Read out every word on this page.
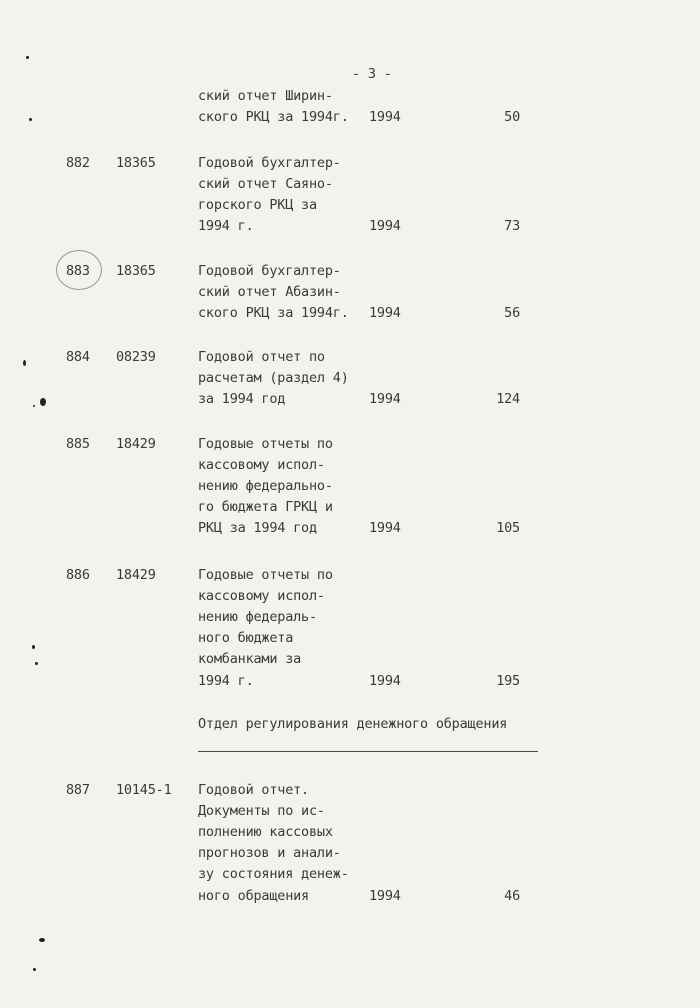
- 3 -
ский отчет Ширин-
ского РКЦ за 1994г. 1994	50
882 18365	Годовой бухгалтер-
ский отчет Саяно-
горского РКЦ за
1994 г.	1994	73
883 18365	Годовой бухгалтер-
ский отчет Абазин-
ского РКЦ за 1994г. 1994	56
884 08239	Годовой отчет по
расчетам (раздел 4)
за 1994 год	1994	124
885 18429	Годовые отчеты по
кассовому испол-
нению федерально-
го бюджета ГРКЦ и
РКЦ за 1994 год	1994	105
886 18429	Годовые отчеты по
кассовому испол-
нению федераль-
ного бюджета
комбанками за
1994 г.	1994	195
Отдел регулирования денежного обращения
887 10145-1 Годовой отчет.
Документы по ис-
полнению кассовых
прогнозов и анали-
зу состояния денеж-
ного обращения	1994	46
